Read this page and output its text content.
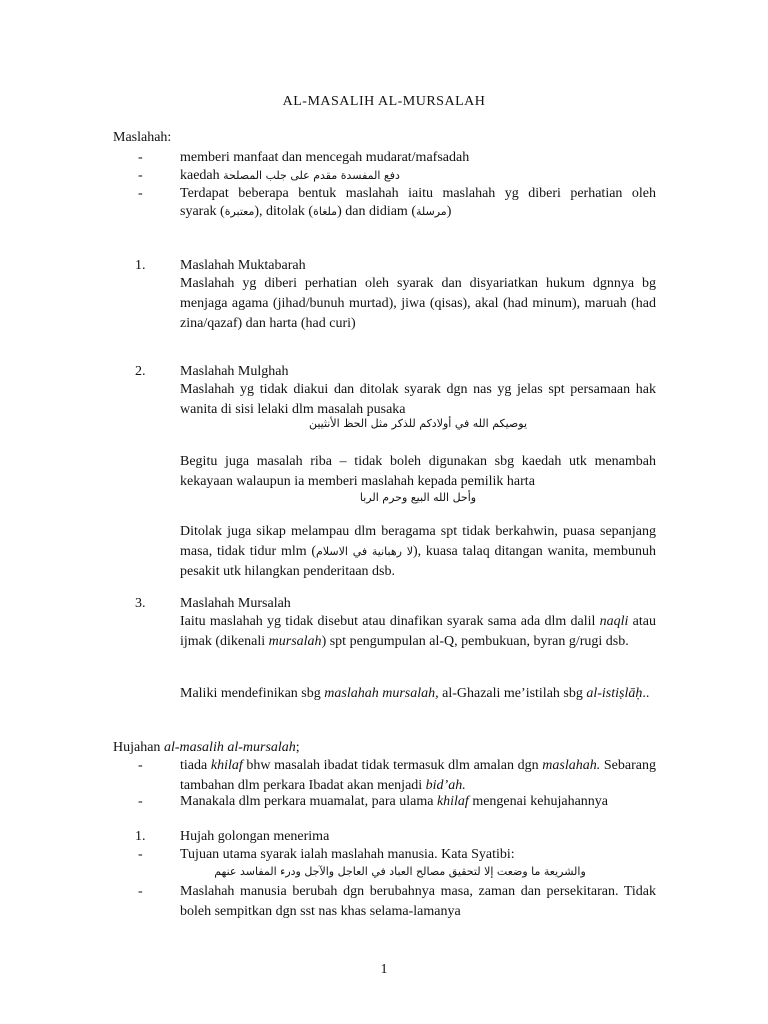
AL-MASALIH AL-MURSALAH
Maslahah:
-	memberi manfaat dan mencegah mudarat/mafsadah
-	kaedah دفع المفسدة مقدم على جلب المصلحة
-	Terdapat beberapa bentuk maslahah iaitu maslahah yg diberi perhatian oleh
syarak (معتبرة), ditolak (ملغاة) dan didiam (مرسلة)
1.	Maslahah Muktabarah
Maslahah yg diberi perhatian oleh syarak dan disyariatkan hukum dgnnya bg menjaga agama (jihad/bunuh murtad), jiwa (qisas), akal (had minum), maruah (had zina/qazaf) dan harta (had curi)
2.	Maslahah Mulghah
Maslahah yg tidak diakui dan ditolak syarak dgn nas yg jelas spt persamaan hak wanita di sisi lelaki dlm masalah pusaka
يوصيكم الله في أولادكم للذكر مثل الحظ الأنثيين
Begitu juga masalah riba – tidak boleh digunakan sbg kaedah utk menambah kekayaan walaupun ia memberi maslahah kepada pemilik harta
وأحل الله البيع وحرم الربا
Ditolak juga sikap melampau dlm beragama spt tidak berkahwin, puasa sepanjang masa, tidak tidur mlm (لا رهبانية في الاسلام), kuasa talaq ditangan wanita, membunuh pesakit utk hilangkan penderitaan dsb.
3.	Maslahah Mursalah
Iaitu maslahah yg tidak disebut atau dinafikan syarak sama ada dlm dalil naqli atau ijmak (dikenali mursalah) spt pengumpulan al-Q, pembukuan, byran g/rugi dsb.
Maliki mendefinikan sbg maslahah mursalah, al-Ghazali me’istilah sbg al-istiṣlāḥ..
Hujahan al-masalih al-mursalah;
-	tiada khilaf bhw masalah ibadat tidak termasuk dlm amalan dgn maslahah. Sebarang tambahan dlm perkara Ibadat akan menjadi bid’ah.
-	Manakala dlm perkara muamalat, para ulama khilaf mengenai kehujahannya
1.	Hujah golongan menerima
-	Tujuan utama syarak ialah maslahah manusia. Kata Syatibi:
والشريعة ما وضعت إلا لتحقيق مصالح العباد في العاجل والآجل ودرء المفاسد عنهم
-	Maslahah manusia berubah dgn berubahnya masa, zaman dan persekitaran. Tidak boleh sempitkan dgn sst nas khas selama-lamanya
1
